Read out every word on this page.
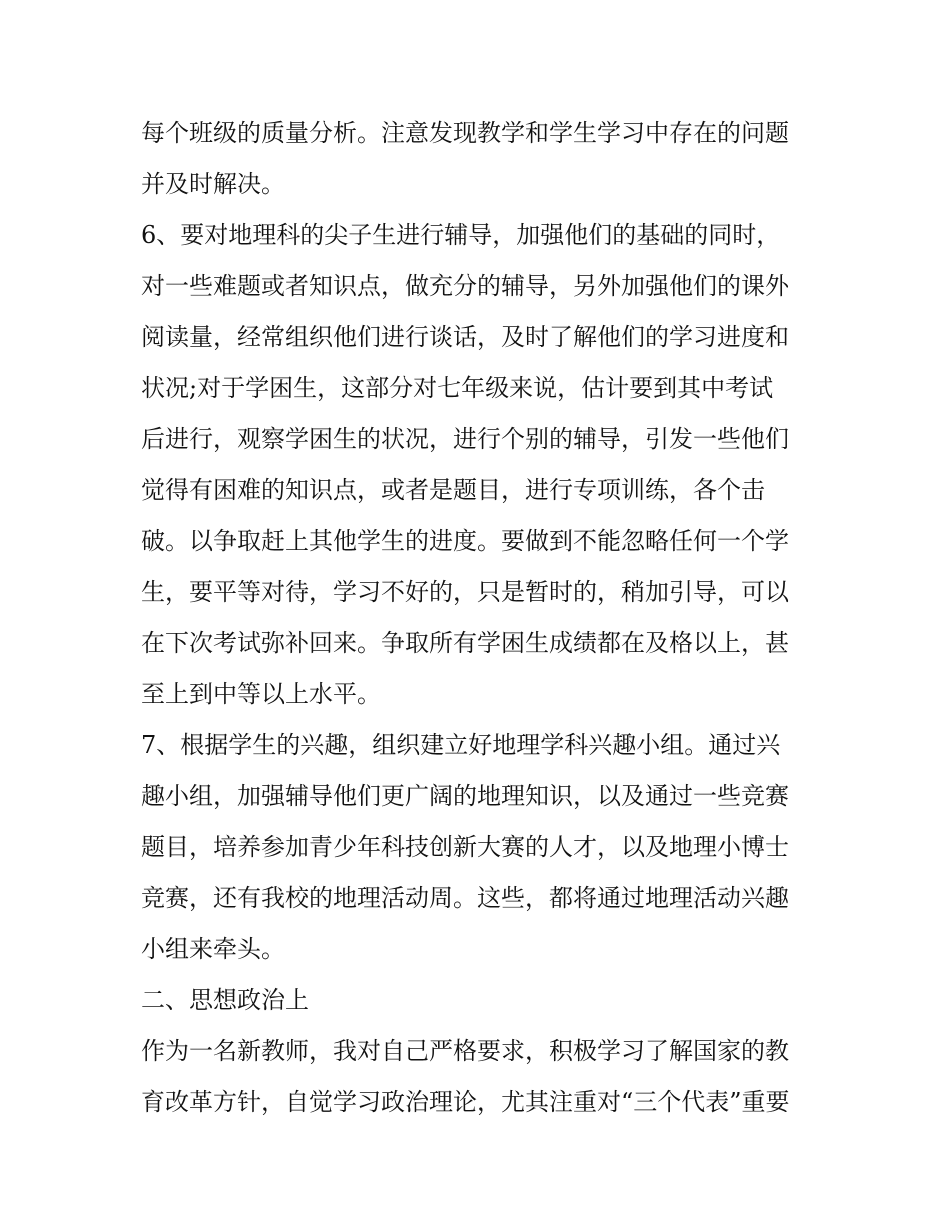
每个班级的质量分析。注意发现教学和学生学习中存在的问题
并及时解决。
6、要对地理科的尖子生进行辅导，加强他们的基础的同时，
对一些难题或者知识点，做充分的辅导，另外加强他们的课外
阅读量，经常组织他们进行谈话，及时了解他们的学习进度和
状况;对于学困生，这部分对七年级来说，估计要到其中考试
后进行，观察学困生的状况，进行个别的辅导，引发一些他们
觉得有困难的知识点，或者是题目，进行专项训练，各个击
破。以争取赶上其他学生的进度。要做到不能忽略任何一个学
生，要平等对待，学习不好的，只是暂时的，稍加引导，可以
在下次考试弥补回来。争取所有学困生成绩都在及格以上，甚
至上到中等以上水平。
7、根据学生的兴趣，组织建立好地理学科兴趣小组。通过兴
趣小组，加强辅导他们更广阔的地理知识，以及通过一些竞赛
题目，培养参加青少年科技创新大赛的人才，以及地理小博士
竞赛，还有我校的地理活动周。这些，都将通过地理活动兴趣
小组来牵头。
二、思想政治上
作为一名新教师，我对自己严格要求，积极学习了解国家的教
育改革方针，自觉学习政治理论，尤其注重对“三个代表”重要
